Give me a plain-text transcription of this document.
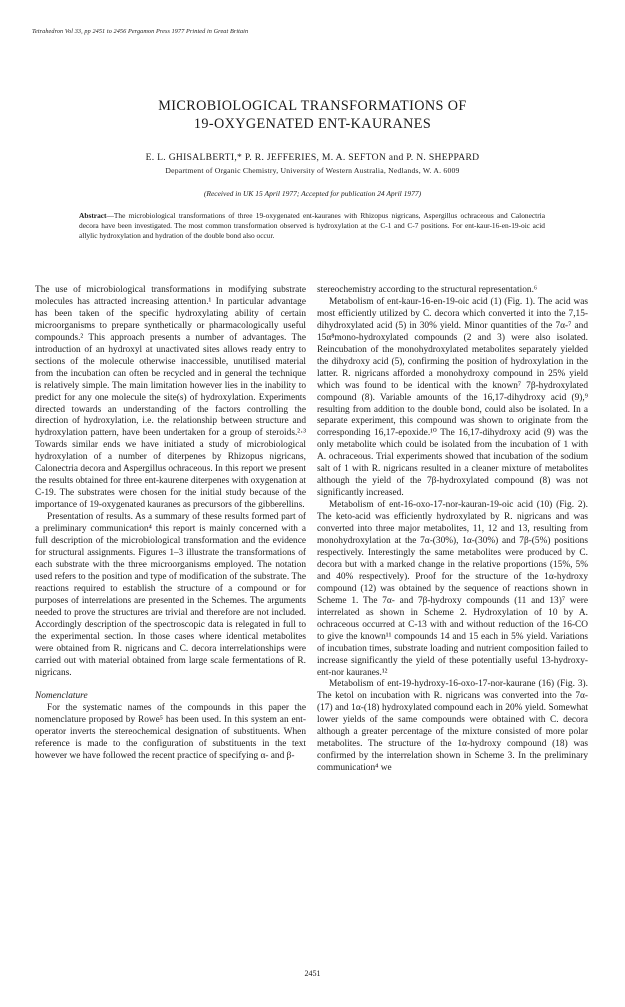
Tetrahedron Vol 33, pp 2451 to 2456 Pergamon Press 1977 Printed in Great Britain
MICROBIOLOGICAL TRANSFORMATIONS OF
19-OXYGENATED ENT-KAURANES
E. L. GHISALBERTI,* P. R. JEFFERIES, M. A. SEFTON and P. N. SHEPPARD
Department of Organic Chemistry, University of Western Australia, Nedlands, W. A. 6009
(Received in UK 15 April 1977; Accepted for publication 24 April 1977)
Abstract—The microbiological transformations of three 19-oxygenated ent-kauranes with Rhizopus nigricans, Aspergillus ochraceous and Calonectria decora have been investigated. The most common transformation observed is hydroxylation at the C-1 and C-7 positions. For ent-kaur-16-en-19-oic acid allylic hydroxylation and hydration of the double bond also occur.

The use of microbiological transformations in modifying substrate molecules has attracted increasing attention.¹ In particular advantage has been taken of the specific hydroxylating ability of certain microorganisms to prepare synthetically or pharmacologically useful compounds.² This approach presents a number of advantages. The introduction of an hydroxyl at unactivated sites allows ready entry to sections of the molecule otherwise inaccessible, unutilised material from the incubation can often be recycled and in general the technique is relatively simple. The main limitation however lies in the inability to predict for any one molecule the site(s) of hydroxylation. Experiments directed towards an understanding of the factors controlling the direction of hydroxylation, i.e. the relationship between structure and hydroxylation pattern, have been undertaken for a group of steroids.²·³ Towards similar ends we have initiated a study of microbiological hydroxylation of a number of diterpenes by Rhizopus nigricans, Calonectria decora and Aspergillus ochraceous. In this report we present the results obtained for three ent-kaurene diterpenes with oxygenation at C-19. The substrates were chosen for the initial study because of the importance of 19-oxygenated kauranes as precursors of the gibberellins.

Presentation of results. As a summary of these results formed part of a preliminary communication⁴ this report is mainly concerned with a full description of the microbiological transformation and the evidence for structural assignments. Figures 1–3 illustrate the transformations of each substrate with the three microorganisms employed. The notation used refers to the position and type of modification of the substrate. The reactions required to establish the structure of a compound or for purposes of interrelations are presented in the Schemes. The arguments needed to prove the structures are trivial and therefore are not included. Accordingly description of the spectroscopic data is relegated in full to the experimental section. In those cases where identical metabolites were obtained from R. nigricans and C. decora interrelationships were carried out with material obtained from large scale fermentations of R. nigricans.

Nomenclature

For the systematic names of the compounds in this paper the nomenclature proposed by Rowe⁵ has been used. In this system an ent-operator inverts the stereochemical designation of substituents. When reference is made to the configuration of substituents in the text however we have followed the recent practice of specifying α- and β-

stereochemistry according to the structural representation.⁶

Metabolism of ent-kaur-16-en-19-oic acid (1) (Fig. 1). The acid was most efficiently utilized by C. decora which converted it into the 7,15-dihydroxylated acid (5) in 30% yield. Minor quantities of the 7α-⁷ and 15α⁸mono-hydroxylated compounds (2 and 3) were also isolated. Reincubation of the monohydroxylated metabolites separately yielded the dihydroxy acid (5), confirming the position of hydroxylation in the latter. R. nigricans afforded a monohydroxy compound in 25% yield which was found to be identical with the known⁷ 7β-hydroxylated compound (8). Variable amounts of the 16,17-dihydroxy acid (9),⁹ resulting from addition to the double bond, could also be isolated. In a separate experiment, this compound was shown to originate from the corresponding 16,17-epoxide.¹⁰ The 16,17-dihydroxy acid (9) was the only metabolite which could be isolated from the incubation of 1 with A. ochraceous. Trial experiments showed that incubation of the sodium salt of 1 with R. nigricans resulted in a cleaner mixture of metabolites although the yield of the 7β-hydroxylated compound (8) was not significantly increased.

Metabolism of ent-16-oxo-17-nor-kauran-19-oic acid (10) (Fig. 2). The keto-acid was efficiently hydroxylated by R. nigricans and was converted into three major metabolites, 11, 12 and 13, resulting from monohydroxylation at the 7α-(30%), 1α-(30%) and 7β-(5%) positions respectively. Interestingly the same metabolites were produced by C. decora but with a marked change in the relative proportions (15%, 5% and 40% respectively). Proof for the structure of the 1α-hydroxy compound (12) was obtained by the sequence of reactions shown in Scheme 1. The 7α- and 7β-hydroxy compounds (11 and 13)⁷ were interrelated as shown in Scheme 2. Hydroxylation of 10 by A. ochraceous occurred at C-13 with and without reduction of the 16-CO to give the known¹¹ compounds 14 and 15 each in 5% yield. Variations of incubation times, substrate loading and nutrient composition failed to increase significantly the yield of these potentially useful 13-hydroxy-ent-nor kauranes.¹²

Metabolism of ent-19-hydroxy-16-oxo-17-nor-kaurane (16) (Fig. 3). The ketol on incubation with R. nigricans was converted into the 7α-(17) and 1α-(18) hydroxylated compound each in 20% yield. Somewhat lower yields of the same compounds were obtained with C. decora although a greater percentage of the mixture consisted of more polar metabolites. The structure of the 1α-hydroxy compound (18) was confirmed by the interrelation shown in Scheme 3. In the preliminary communication⁴ we

2451
